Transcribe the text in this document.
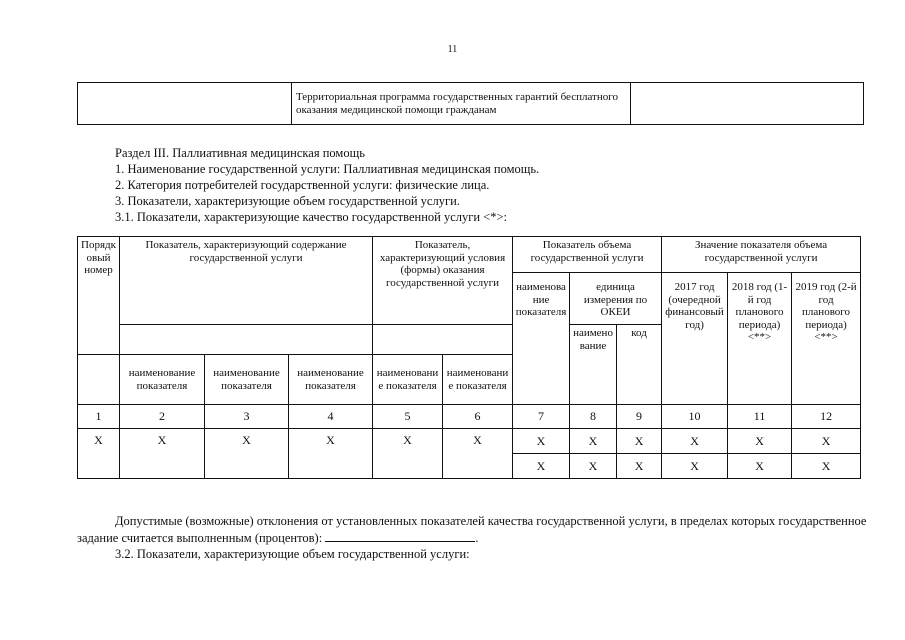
11
	Территориальная программа государственных гарантий бесплатного оказания медицинской помощи гражданам	
Раздел III. Паллиативная медицинская помощь
1. Наименование государственной услуги: Паллиативная медицинская помощь.
2. Категория потребителей государственной услуги: физические лица.
3. Показатели, характеризующие объем государственной услуги.
3.1. Показатели, характеризующие качество государственной услуги <*>:
Порядковый номер	Показатель, характеризующий содержание государственной услуги			Показатель, характеризующий условия (формы) оказания государственной услуги		Показатель объема государственной услуги			Значение показателя объема государственной услуги		
						наименование показателя	единица измерения по ОКЕИ		2017 год (очередной финансовый год)	2018 год (1-й год планового периода) <**>	2019 год (2-й год планового периода) <**>
							наименование	код			
	наименование показателя	наименование показателя	наименование показателя	наименование показателя	наименование показателя						
1	2	3	4	5	6	7	8	9	10	11	12
Х	Х	Х	Х	Х	Х	Х	Х	Х	Х	Х	Х
						Х	Х	Х	Х	Х	Х
Допустимые (возможные) отклонения от установленных показателей качества государственной услуги, в пределах которых государственное задание считается выполненным (процентов):	.
3.2. Показатели, характеризующие объем государственной услуги:
